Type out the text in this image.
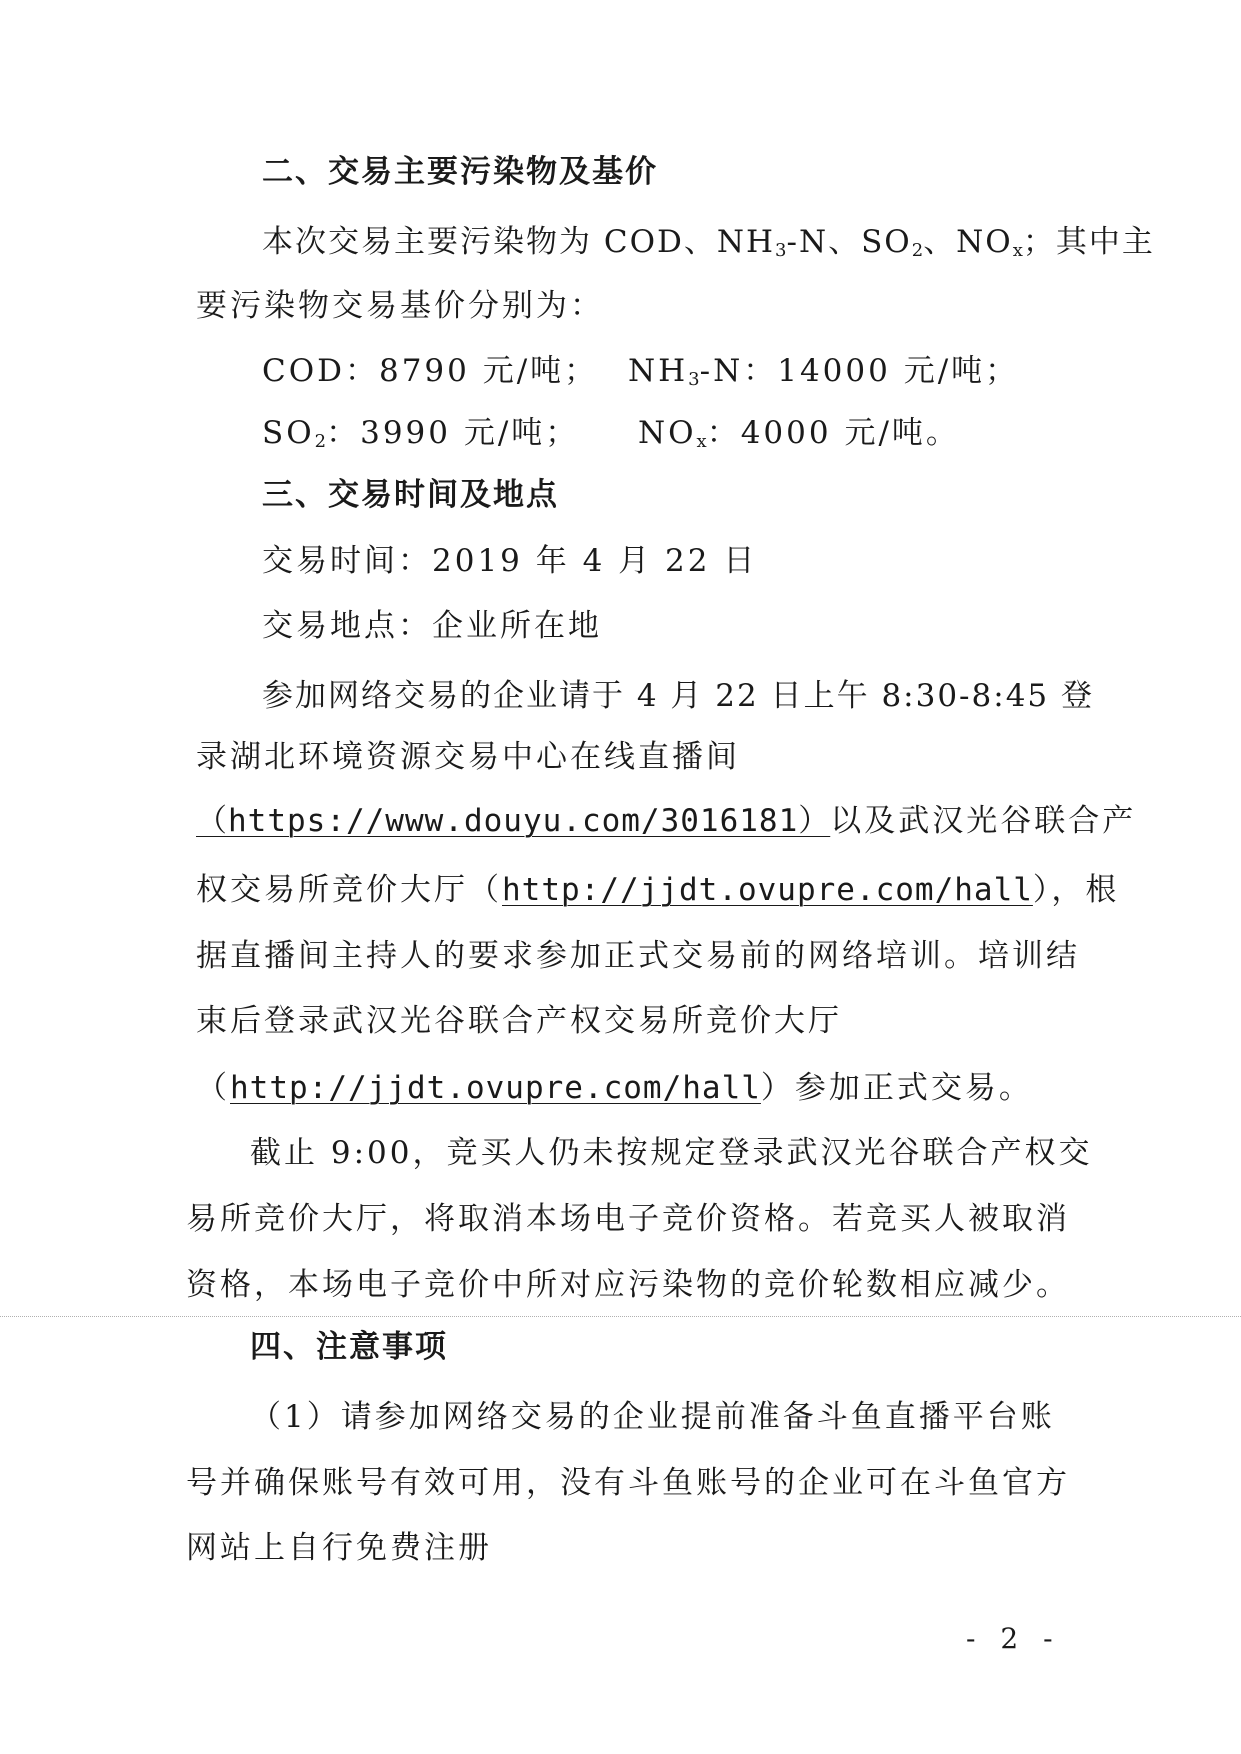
二、交易主要污染物及基价
本次交易主要污染物为 COD、$NH_3-N$、$SO_2$、$NO_x$；其中主
要污染物交易基价分别为：
COD：8790 元/吨； $NH_3-N$：14000 元/吨；
$SO_2$：3990 元/吨； $NO_x$：4000 元/吨。
三、交易时间及地点
交易时间：2019 年 4 月 22 日
交易地点：企业所在地
参加网络交易的企业请于 4 月 22 日上午 8:30-8:45 登
录湖北环境资源交易中心在线直播间
（https://www.douyu.com/3016181）以及武汉光谷联合产
权交易所竞价大厅（http://jjdt.ovupre.com/hall），根
据直播间主持人的要求参加正式交易前的网络培训。培训结
束后登录武汉光谷联合产权交易所竞价大厅
（http://jjdt.ovupre.com/hall）参加正式交易。
截止 9:00，竞买人仍未按规定登录武汉光谷联合产权交
易所竞价大厅，将取消本场电子竞价资格。若竞买人被取消
资格，本场电子竞价中所对应污染物的竞价轮数相应减少。
四、注意事项
（1）请参加网络交易的企业提前准备斗鱼直播平台账
号并确保账号有效可用，没有斗鱼账号的企业可在斗鱼官方
网站上自行免费注册
- 2 -
